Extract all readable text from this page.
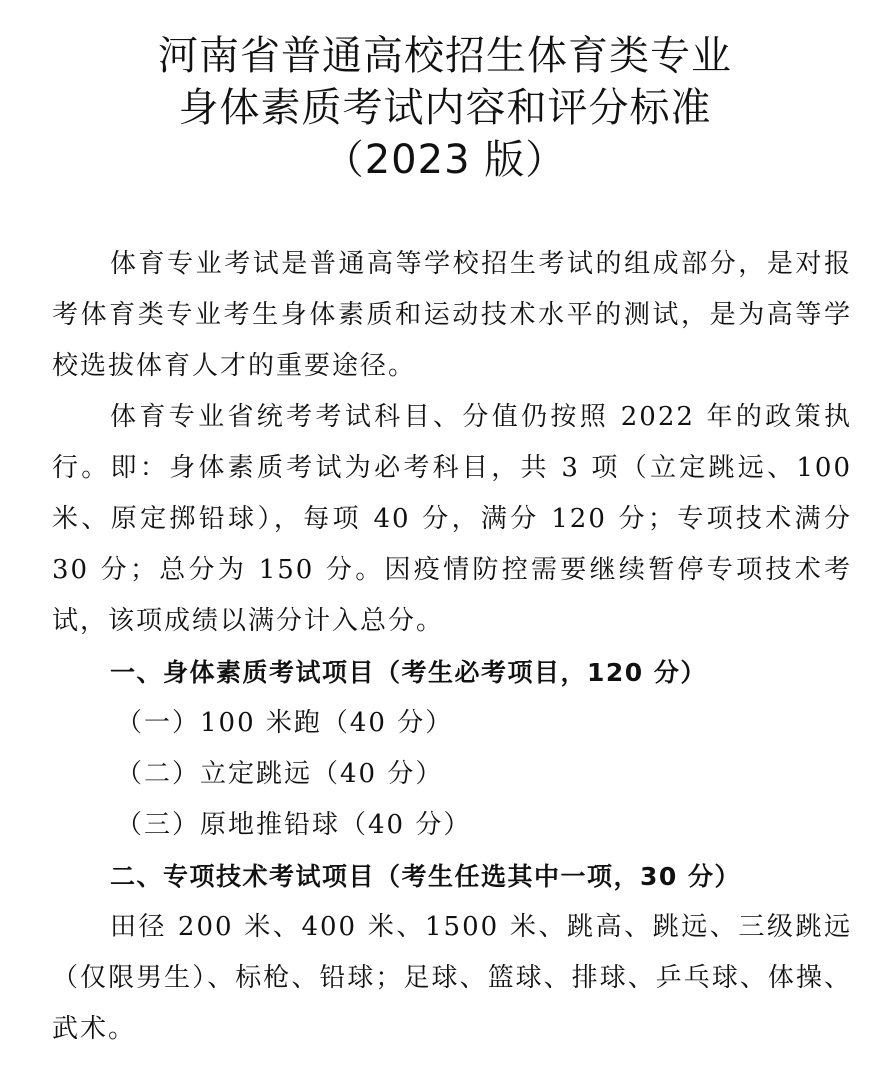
河南省普通高校招生体育类专业
身体素质考试内容和评分标准
（2023 版）

体育专业考试是普通高等学校招生考试的组成部分，是对报考体育类专业考生身体素质和运动技术水平的测试，是为高等学校选拔体育人才的重要途径。

体育专业省统考考试科目、分值仍按照 2022 年的政策执行。即：身体素质考试为必考科目，共 3 项（立定跳远、100 米、原定掷铅球），每项 40 分，满分 120 分；专项技术满分 30 分；总分为 150 分。因疫情防控需要继续暂停专项技术考试，该项成绩以满分计入总分。

一、身体素质考试项目（考生必考项目，120 分）

（一）100 米跑（40 分）

（二）立定跳远（40 分）

（三）原地推铅球（40 分）

二、专项技术考试项目（考生任选其中一项，30 分）

田径 200 米、400 米、1500 米、跳高、跳远、三级跳远（仅限男生）、标枪、铅球；足球、篮球、排球、乒乓球、体操、武术。
